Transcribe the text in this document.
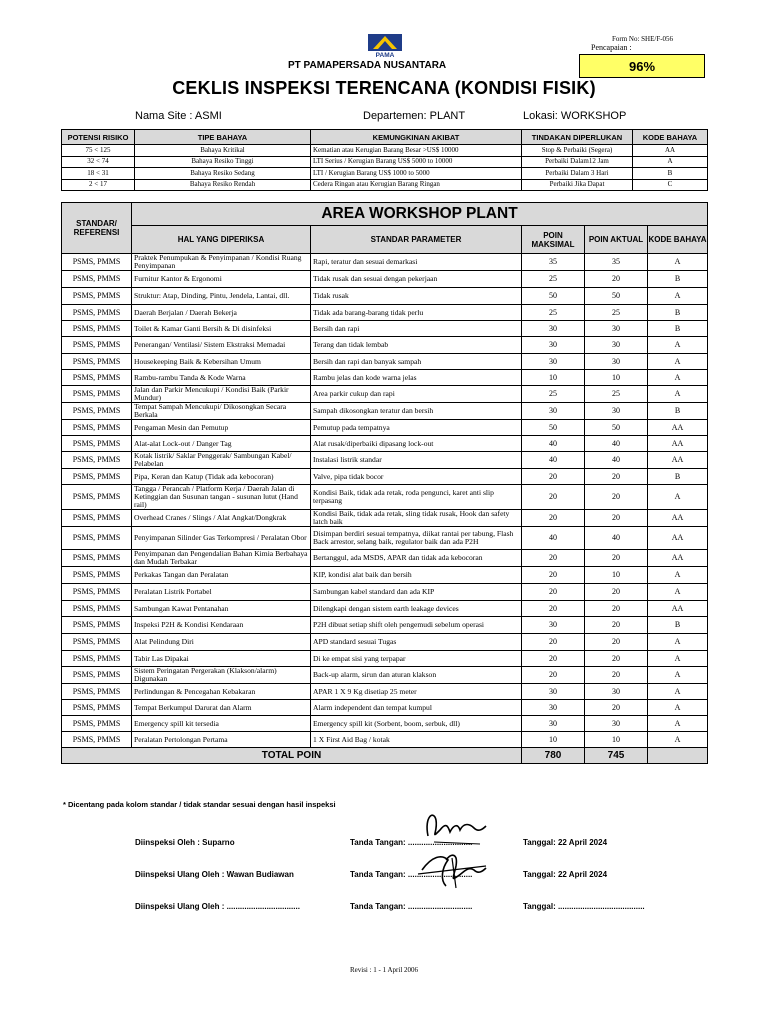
PAMA
PT PAMAPERSADA NUSANTARA
Form No: SHE/F-056
Pencapaian :
96%
CEKLIS INSPEKSI TERENCANA (KONDISI FISIK)
Nama Site : ASMI	Departemen: PLANT	Lokasi: WORKSHOP
POTENSI RISIKO	TIPE BAHAYA	KEMUNGKINAN AKIBAT	TINDAKAN DIPERLUKAN	KODE BAHAYA
75 < 125	Bahaya Kritikal	Kematian atau Kerugian Barang Besar >US$ 10000	Stop & Perbaiki (Segera)	AA
32 < 74	Bahaya Resiko Tinggi	LTI Serius / Kerugian Barang US$ 5000 to 10000	Perbaiki Dalam12 Jam	A
18 < 31	Bahaya Resiko Sedang	LTI / Kerugian Barang US$ 1000 to 5000	Perbaiki Dalam 3 Hari	B
2 < 17	Bahaya Resiko Rendah	Cedera Ringan atau Kerugian Barang Ringan	Perbaiki Jika Dapat	C
STANDAR/ REFERENSI	AREA WORKSHOP PLANT				
	HAL YANG DIPERIKSA	STANDAR PARAMETER	POIN MAKSIMAL	POIN AKTUAL	KODE BAHAYA
PSMS, PMMS	Praktek Penumpukan & Penyimpanan / Kondisi Ruang Penyimpanan	Rapi, teratur dan sesuai demarkasi	35	35	A
PSMS, PMMS	Furnitur Kantor & Ergonomi	Tidak rusak dan sesuai dengan pekerjaan	25	20	B
PSMS, PMMS	Struktur: Atap, Dinding, Pintu, Jendela, Lantai, dll.	Tidak rusak	50	50	A
PSMS, PMMS	Daerah Berjalan / Daerah Bekerja	Tidak ada barang-barang tidak perlu	25	25	B
PSMS, PMMS	Toilet & Kamar Ganti Bersih & Di disinfeksi	Bersih dan rapi	30	30	B
PSMS, PMMS	Penerangan/ Ventilasi/ Sistem Ekstraksi Memadai	Terang dan tidak lembab	30	30	A
PSMS, PMMS	Housekeeping Baik & Kebersihan Umum	Bersih dan rapi dan banyak sampah	30	30	A
PSMS, PMMS	Rambu-rambu Tanda & Kode Warna	Rambu jelas dan kode warna jelas	10	10	A
PSMS, PMMS	Jalan dan Parkir Mencukupi / Kondisi Baik (Parkir Mundur)	Area parkir cukup dan rapi	25	25	A
PSMS, PMMS	Tempat Sampah Mencukupi/ Dikosongkan Secara Berkala	Sampah dikosongkan teratur dan bersih	30	30	B
PSMS, PMMS	Pengaman Mesin dan Pemutup	Pemutup pada tempatnya	50	50	AA
PSMS, PMMS	Alat-alat Lock-out / Danger Tag	Alat rusak/diperbaiki dipasang lock-out	40	40	AA
PSMS, PMMS	Kotak listrik/ Saklar Penggerak/ Sambungan Kabel/ Pelabelan	Instalasi listrik standar	40	40	AA
PSMS, PMMS	Pipa, Keran dan Katup (Tidak ada kebocoran)	Valve, pipa tidak bocor	20	20	B
PSMS, PMMS	Tangga / Perancah / Platform Kerja / Daerah Jalan di Ketinggian dan Susunan tangan - susunan lutut (Hand rail)	Kondisi Baik, tidak ada retak, roda pengunci, karet anti slip terpasang	20	20	A
PSMS, PMMS	Overhead Cranes / Slings / Alat Angkat/Dongkrak	Kondisi Baik, tidak ada retak, sling tidak rusak, Hook dan safety latch baik	20	20	AA
PSMS, PMMS	Penyimpanan Silinder Gas Terkompresi / Peralatan Obor	Disimpan berdiri sesuai tempatnya, diikat rantai per tabung, Flash Back arrestor, selang baik, regulator baik dan ada P2H	40	40	AA
PSMS, PMMS	Penyimpanan dan Pengendalian Bahan Kimia Berbahaya dan Mudah Terbakar	Bertanggul, ada MSDS, APAR dan tidak ada kebocoran	20	20	AA
PSMS, PMMS	Perkakas Tangan dan Peralatan	KIP, kondisi alat baik dan bersih	20	10	A
PSMS, PMMS	Peralatan Listrik Portabel	Sambungan kabel standard dan ada KIP	20	20	A
PSMS, PMMS	Sambungan Kawat Pentanahan	Dilengkapi dengan sistem earth leakage devices	20	20	AA
PSMS, PMMS	Inspeksi P2H & Kondisi Kendaraan	P2H dibuat setiap shift oleh pengemudi sebelum operasi	30	20	B
PSMS, PMMS	Alat Pelindung Diri	APD standard sesuai Tugas	20	20	A
PSMS, PMMS	Tabir Las Dipakai	Di ke empat sisi yang terpapar	20	20	A
PSMS, PMMS	Sistem Peringatan Pergerakan (Klakson/alarm) Digunakan	Back-up alarm, sirun dan aturan klakson	20	20	A
PSMS, PMMS	Perlindungan & Pencegahan Kebakaran	APAR 1 X 9 Kg disetiap 25 meter	30	30	A
PSMS, PMMS	Tempat Berkumpul Darurat dan Alarm	Alarm independent dan tempat kumpul	30	20	A
PSMS, PMMS	Emergency spill kit tersedia	Emergency spill kit (Sorbent, boom, serbuk, dll)	30	30	A
PSMS, PMMS	Peralatan Pertolongan Pertama	1 X First Aid Bag / kotak	10	10	A
TOTAL POIN			780	745	
* Dicentang pada kolom standar / tidak standar sesuai dengan hasil inspeksi
Diinspeksi Oleh : Suparno	Tanda Tangan: .............................	Tanggal: 22 April 2024
Diinspeksi Ulang Oleh : Wawan Budiawan	Tanda Tangan: .............................	Tanggal: 22 April 2024
Diinspeksi Ulang Oleh : .................................	Tanda Tangan: .............................	Tanggal: .......................................
Revisi : 1 - 1 April 2006
